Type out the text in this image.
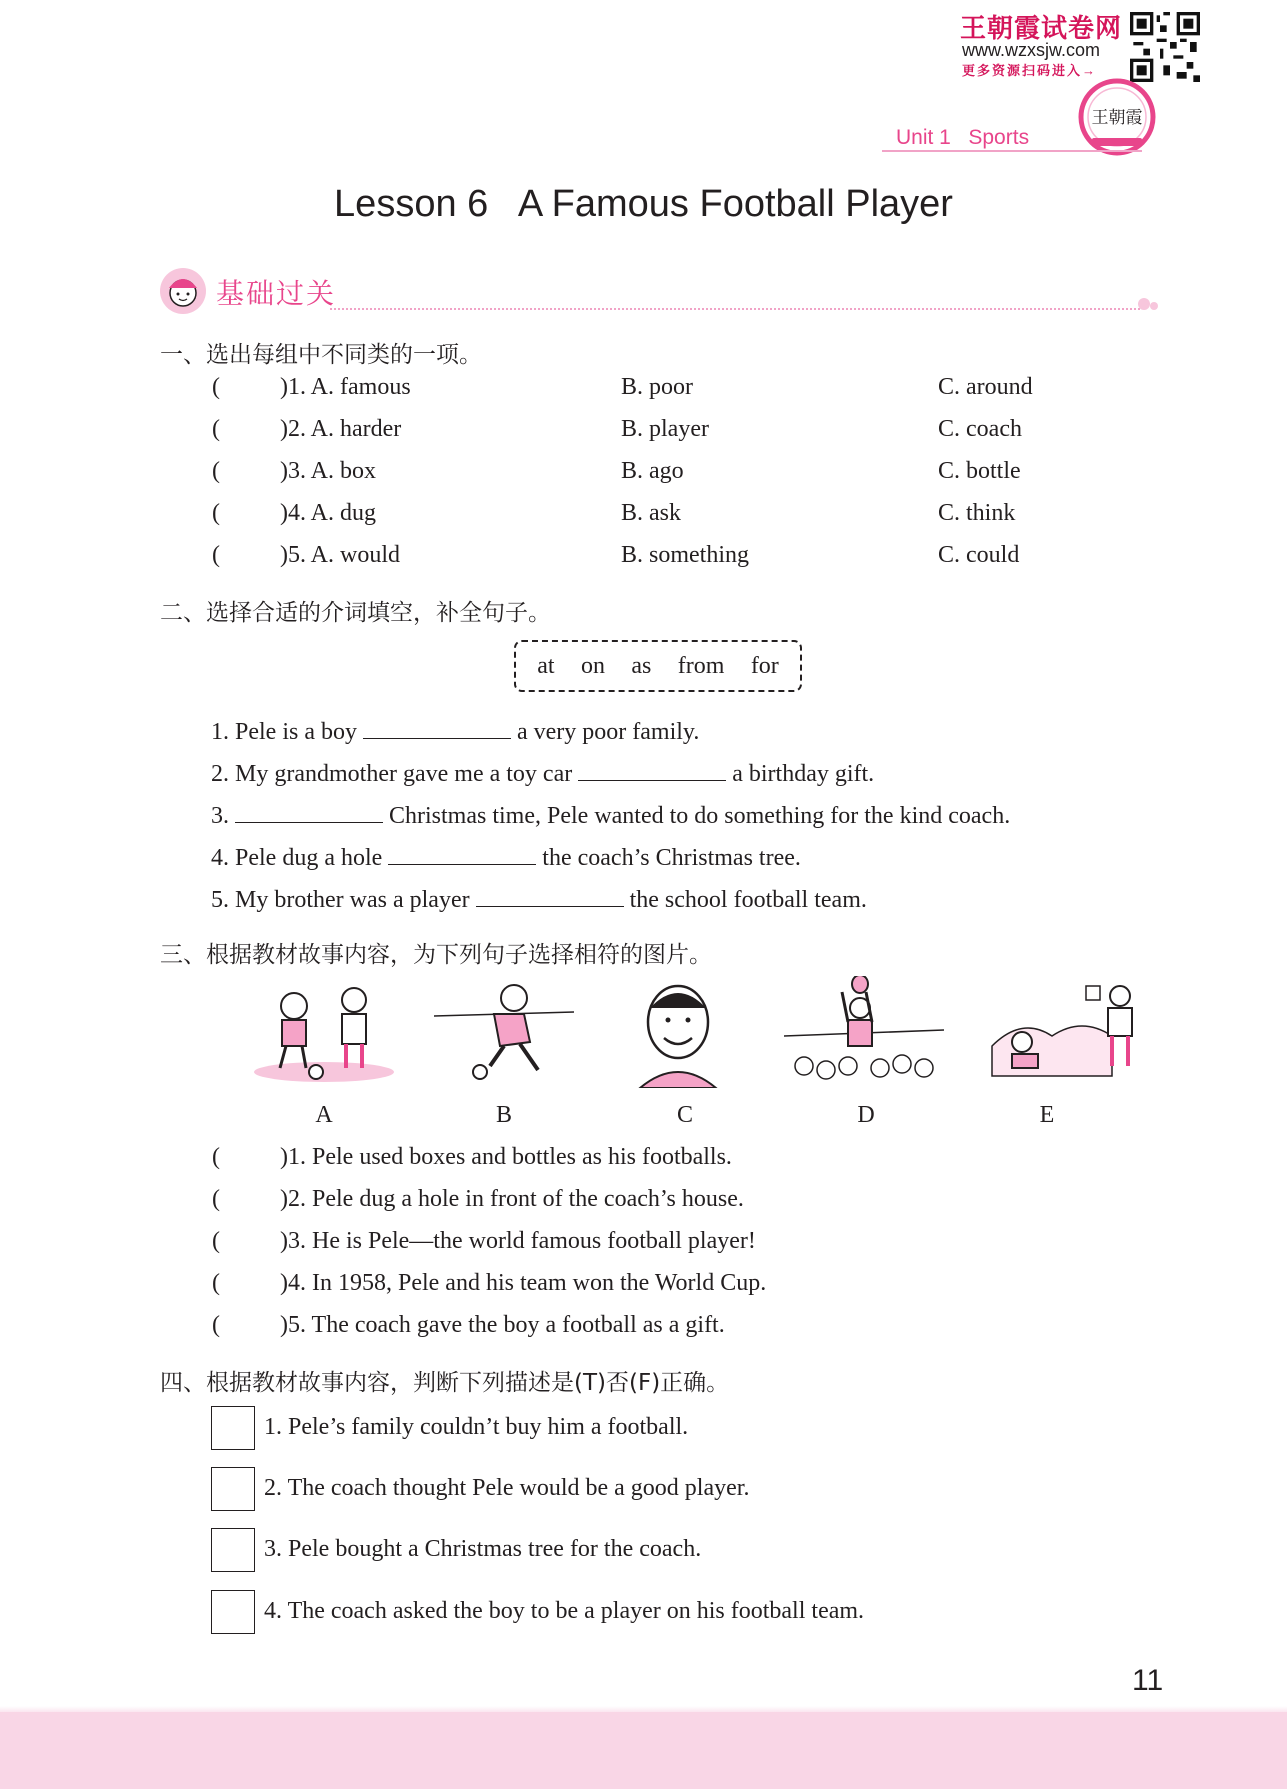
王朝霞试卷网
www.wzxsjw.com
更多资源扫码进入→
王朝霞
Unit 1 Sports
Lesson 6   A Famous Football Player
基础过关
一、选出每组中不同类的一项。
(	)1. A. famous	B. poor	C. around
(	)2. A. harder	B. player	C. coach
(	)3. A. box	B. ago	C. bottle
(	)4. A. dug	B. ask	C. think
(	)5. A. would	B. something	C. could
二、选择合适的介词填空，补全句子。
at on as from for
1. Pele is a boy	a very poor family.
2. My grandmother gave me a toy car	a birthday gift.
3.	Christmas time, Pele wanted to do something for the kind coach.
4. Pele dug a hole	the coach’s Christmas tree.
5. My brother was a player	the school football team.
三、根据教材故事内容，为下列句子选择相符的图片。
A	B	C	D	E
(	)1. Pele used boxes and bottles as his footballs.
(	)2. Pele dug a hole in front of the coach’s house.
(	)3. He is Pele—the world famous football player!
(	)4. In 1958, Pele and his team won the World Cup.
(	)5. The coach gave the boy a football as a gift.
四、根据教材故事内容，判断下列描述是(T)否(F)正确。
1. Pele’s family couldn’t buy him a football.
2. The coach thought Pele would be a good player.
3. Pele bought a Christmas tree for the coach.
4. The coach asked the boy to be a player on his football team.
11
